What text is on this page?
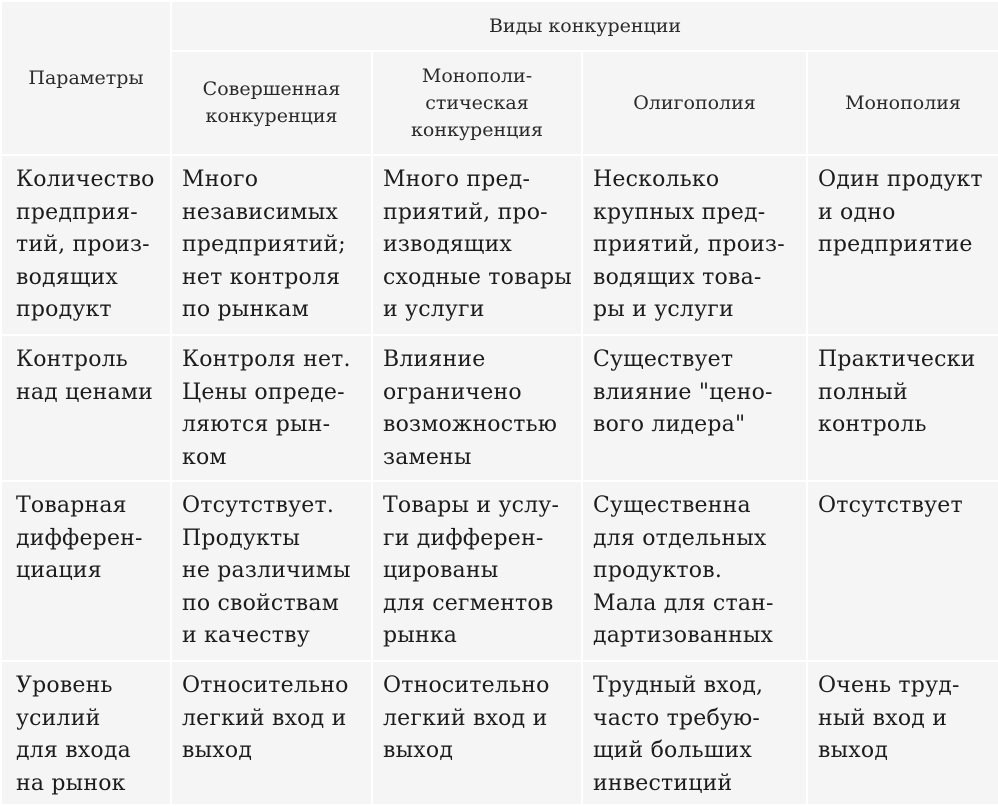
Параметры	Виды конкуренции			

	Совершенная
конкуренция	Монополи-
стическая
конкуренция	Олигополия	Монополия

Количество
предприя-
тий, произ-
водящих
продукт	Много
независимых
предприятий;
нет контроля
по рынкам	Много пред-
приятий, про-
изводящих
сходные товары
и услуги	Несколько
крупных пред-
приятий, произ-
водящих това-
ры и услуги	Один продукт
и одно
предприятие

Контроль
над ценами	Контроля нет.
Цены опреде-
ляются рын-
ком	Влияние
ограничено
возможностью
замены	Существует
влияние "цено-
вого лидера"	Практически
полный
контроль

Товарная
дифферен-
циация	Отсутствует.
Продукты
не различимы
по свойствам
и качеству	Товары и услу-
ги дифферен-
цированы
для сегментов
рынка	Существенна
для отдельных
продуктов.
Мала для стан-
дартизованных	Отсутствует

Уровень
усилий
для входа
на рынок	Относительно
легкий вход и
выход	Относительно
легкий вход и
выход	Трудный вход,
часто требую-
щий больших
инвестиций	Очень труд-
ный вход и
выход
